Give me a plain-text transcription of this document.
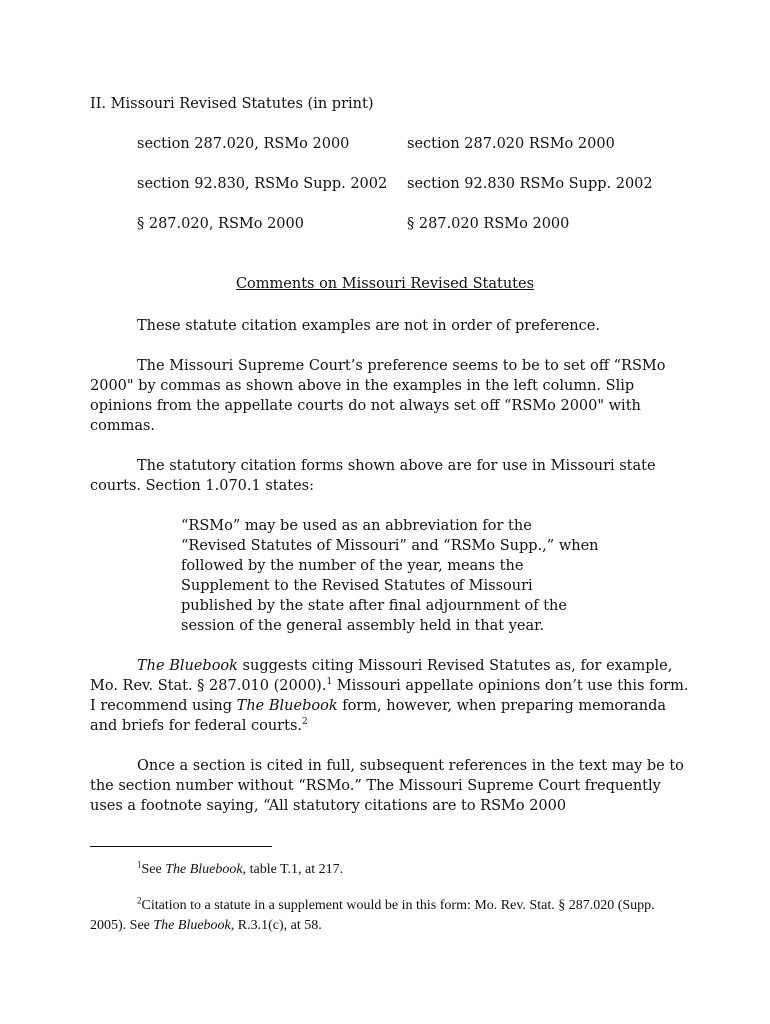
II. Missouri Revised Statutes (in print)
section 287.020, RSMo 2000	section 287.020 RSMo 2000
section 92.830, RSMo Supp. 2002 section 92.830 RSMo Supp. 2002
§ 287.020, RSMo 2000	§ 287.020 RSMo 2000
Comments on Missouri Revised Statutes
These statute citation examples are not in order of preference.
The Missouri Supreme Court’s preference seems to be to set off “RSMo 2000" by commas as shown above in the examples in the left column. Slip opinions from the appellate courts do not always set off “RSMo 2000" with commas.
The statutory citation forms shown above are for use in Missouri state courts. Section 1.070.1 states:
“RSMo” may be used as an abbreviation for the “Revised Statutes of Missouri” and “RSMo Supp.,” when followed by the number of the year, means the Supplement to the Revised Statutes of Missouri published by the state after final adjournment of the session of the general assembly held in that year.
The Bluebook suggests citing Missouri Revised Statutes as, for example, Mo. Rev. Stat. § 287.010 (2000).$^1$ Missouri appellate opinions don’t use this form. I recommend using The Bluebook form, however, when preparing memoranda and briefs for federal courts.$^2$
Once a section is cited in full, subsequent references in the text may be to the section number without “RSMo.” The Missouri Supreme Court frequently uses a footnote saying, “All statutory citations are to RSMo 2000
$^1$See The Bluebook, table T.1, at 217.
$^2$Citation to a statute in a supplement would be in this form: Mo. Rev. Stat. § 287.020 (Supp. 2005). See The Bluebook, R.3.1(c), at 58.
